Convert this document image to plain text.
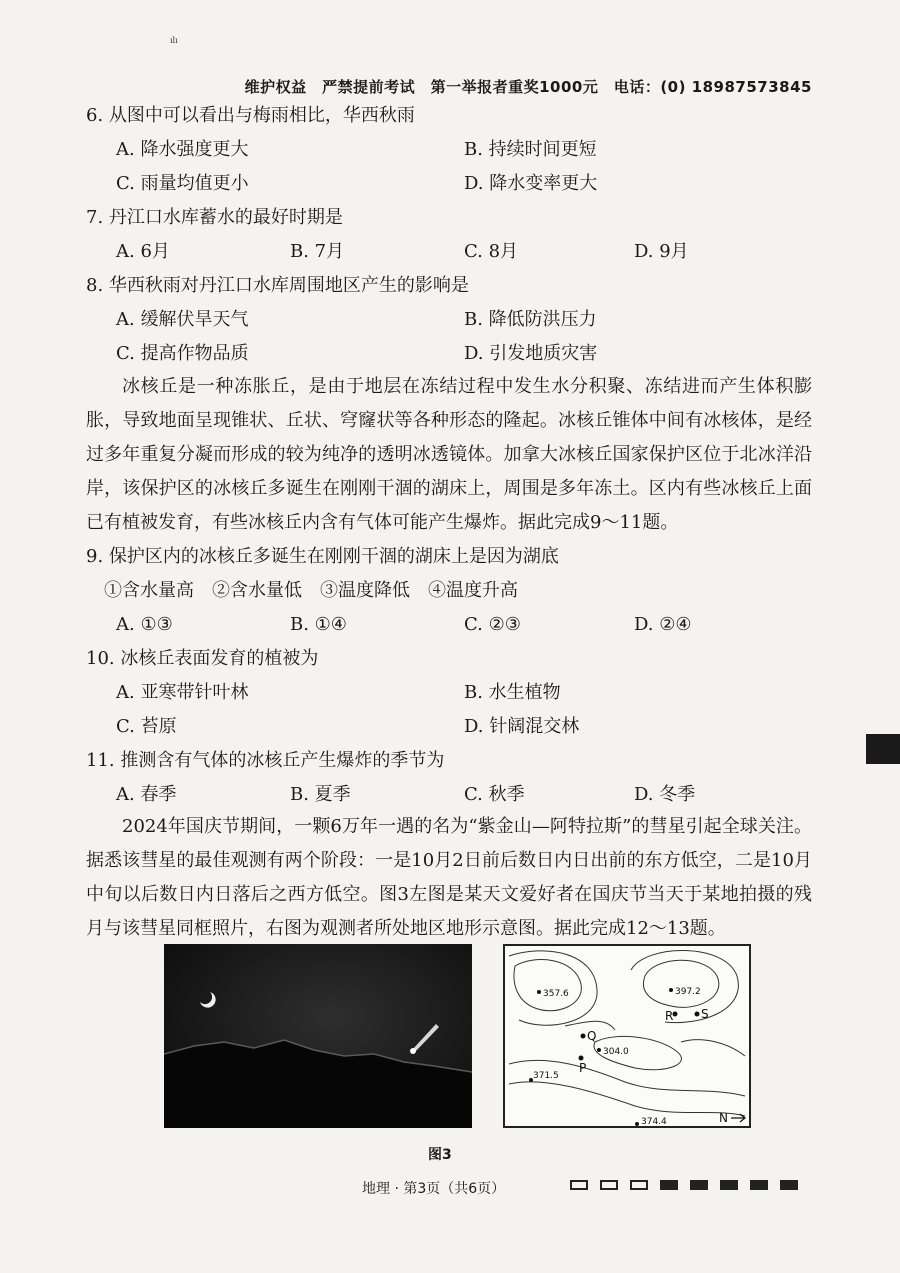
ılı
维护权益　严禁提前考试　第一举报者重奖1000元　电话：(0) 18987573845
6. 从图中可以看出与梅雨相比，华西秋雨
A. 降水强度更大	B. 持续时间更短
C. 雨量均值更小	D. 降水变率更大
7. 丹江口水库蓄水的最好时期是
A. 6月	B. 7月	C. 8月	D. 9月
8. 华西秋雨对丹江口水库周围地区产生的影响是
A. 缓解伏旱天气	B. 降低防洪压力
C. 提高作物品质	D. 引发地质灾害
冰核丘是一种冻胀丘，是由于地层在冻结过程中发生水分积聚、冻结进而产生体积膨胀，导致地面呈现锥状、丘状、穹窿状等各种形态的隆起。冰核丘锥体中间有冰核体，是经过多年重复分凝而形成的较为纯净的透明冰透镜体。加拿大冰核丘国家保护区位于北冰洋沿岸，该保护区的冰核丘多诞生在刚刚干涸的湖床上，周围是多年冻土。区内有些冰核丘上面已有植被发育，有些冰核丘内含有气体可能产生爆炸。据此完成9～11题。
9. 保护区内的冰核丘多诞生在刚刚干涸的湖床上是因为湖底
①含水量高　②含水量低　③温度降低　④温度升高
A. ①③	B. ①④	C. ②③	D. ②④
10. 冰核丘表面发育的植被为
A. 亚寒带针叶林	B. 水生植物
C. 苔原	D. 针阔混交林
11. 推测含有气体的冰核丘产生爆炸的季节为
A. 春季	B. 夏季	C. 秋季	D. 冬季
2024年国庆节期间，一颗6万年一遇的名为“紫金山—阿特拉斯”的彗星引起全球关注。据悉该彗星的最佳观测有两个阶段：一是10月2日前后数日内日出前的东方低空，二是10月中旬以后数日内日落后之西方低空。图3左图是某天文爱好者在国庆节当天于某地拍摄的残月与该彗星同框照片，右图为观测者所处地区地形示意图。据此完成12～13题。
357.6	397.2
304.0
371.5
374.4
Q
R S
P
N
图3
地理 · 第3页（共6页）
